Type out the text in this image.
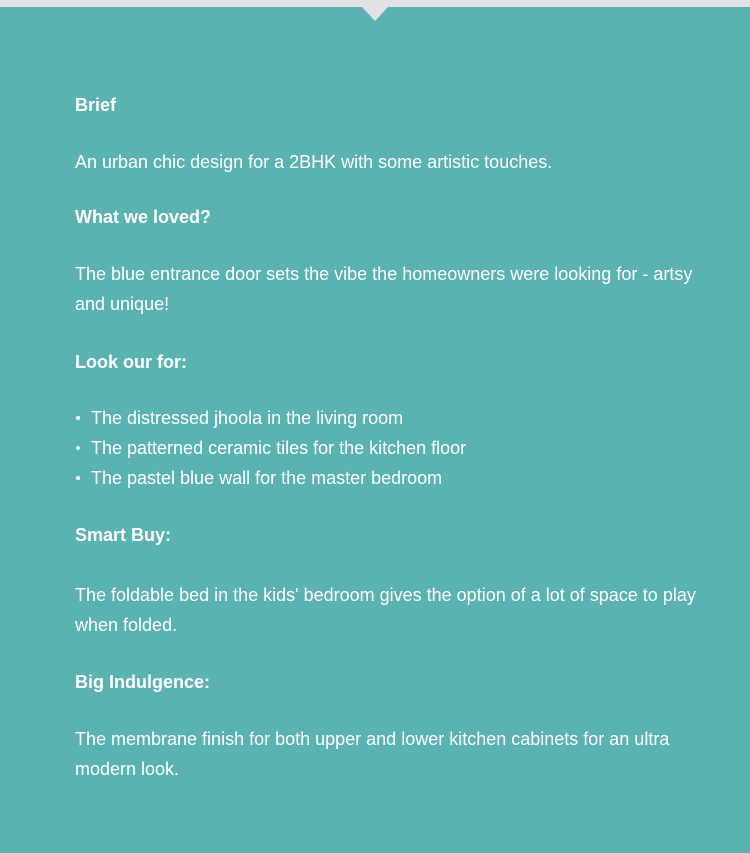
Brief

An urban chic design for a 2BHK with some artistic touches.

What we loved?

The blue entrance door sets the vibe the homeowners were looking for - artsy and unique!

Look our for:
The distressed jhoola in the living room
The patterned ceramic tiles for the kitchen floor
The pastel blue wall for the master bedroom
Smart Buy:

The foldable bed in the kids' bedroom gives the option of a lot of space to play when folded.

Big Indulgence:

The membrane finish for both upper and lower kitchen cabinets for an ultra modern look.
